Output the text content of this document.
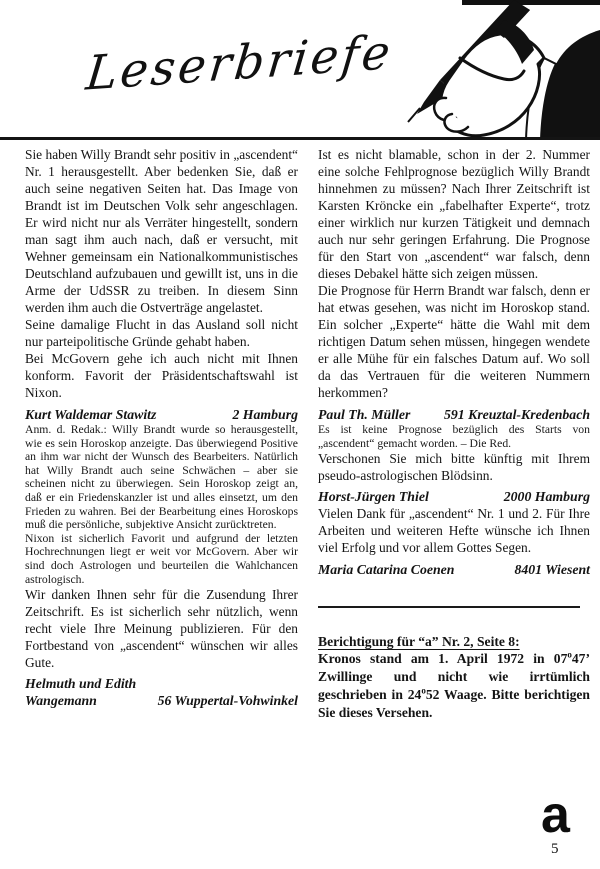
Leserbriefe

Sie haben Willy Brandt sehr positiv in „ascendent“ Nr. 1 herausgestellt. Aber bedenken Sie, daß er auch seine negativen Seiten hat. Das Image von Brandt ist im Deutschen Volk sehr angeschlagen. Er wird nicht nur als Verräter hingestellt, sondern man sagt ihm auch nach, daß er versucht, mit Wehner gemeinsam ein Nationalkommunistisches Deutschland aufzubauen und gewillt ist, uns in die Arme der UdSSR zu treiben. In diesem Sinn werden ihm auch die Ostverträge angelastet.

Seine damalige Flucht in das Ausland soll nicht nur parteipolitische Gründe gehabt haben.

Bei McGovern gehe ich auch nicht mit Ihnen konform. Favorit der Präsidentschaftswahl ist Nixon.

Kurt Waldemar Stawitz	2 Hamburg

Anm. d. Redak.: Willy Brandt wurde so herausgestellt, wie es sein Horoskop anzeigte. Das überwiegend Positive an ihm war nicht der Wunsch des Bearbeiters. Natürlich hat Willy Brandt auch seine Schwächen – aber sie scheinen nicht zu überwiegen. Sein Horoskop zeigt an, daß er ein Friedenskanzler ist und alles einsetzt, um den Frieden zu wahren. Bei der Bearbeitung eines Horoskops muß die persönliche, subjektive Ansicht zurücktreten.

Nixon ist sicherlich Favorit und aufgrund der letzten Hochrechnungen liegt er weit vor McGovern. Aber wir sind doch Astrologen und beurteilen die Wahlchancen astrologisch.

Wir danken Ihnen sehr für die Zusendung Ihrer Zeitschrift. Es ist sicherlich sehr nützlich, wenn recht viele Ihre Meinung publizieren. Für den Fortbestand von „ascendent“ wünschen wir alles Gute.

Helmuth und Edith
Wangemann	56 Wuppertal-Vohwinkel

Ist es nicht blamable, schon in der 2. Nummer eine solche Fehlprognose bezüglich Willy Brandt hinnehmen zu müssen? Nach Ihrer Zeitschrift ist Karsten Kröncke ein „fabelhafter Experte“, trotz einer wirklich nur kurzen Tätigkeit und demnach auch nur sehr geringen Erfahrung. Die Prognose für den Start von „ascendent“ war falsch, denn dieses Debakel hätte sich zeigen müssen.

Die Prognose für Herrn Brandt war falsch, denn er hat etwas gesehen, was nicht im Horoskop stand. Ein solcher „Experte“ hätte die Wahl mit dem richtigen Datum sehen müssen, hingegen wendete er alle Mühe für ein falsches Datum auf. Wo soll da das Vertrauen für die weiteren Nummern herkommen?

Paul Th. Müller 591 Kreuztal-Kredenbach

Es ist keine Prognose bezüglich des Starts von „ascendent“ gemacht worden. – Die Red.

Verschonen Sie mich bitte künftig mit Ihrem pseudo-astrologischen Blödsinn.

Horst-Jürgen Thiel	2000 Hamburg

Vielen Dank für „ascendent“ Nr. 1 und 2. Für Ihre Arbeiten und weiteren Hefte wünsche ich Ihnen viel Erfolg und vor allem Gottes Segen.

Maria Catarina Coenen	8401 Wiesent
Berichtigung für “a” Nr. 2, Seite 8:

Kronos stand am 1. April 1972 in 07$^o$47’ Zwillinge und nicht wie irrtümlich geschrieben in 24$^o$52 Waage. Bitte berichtigen Sie dieses Versehen.

a
5
